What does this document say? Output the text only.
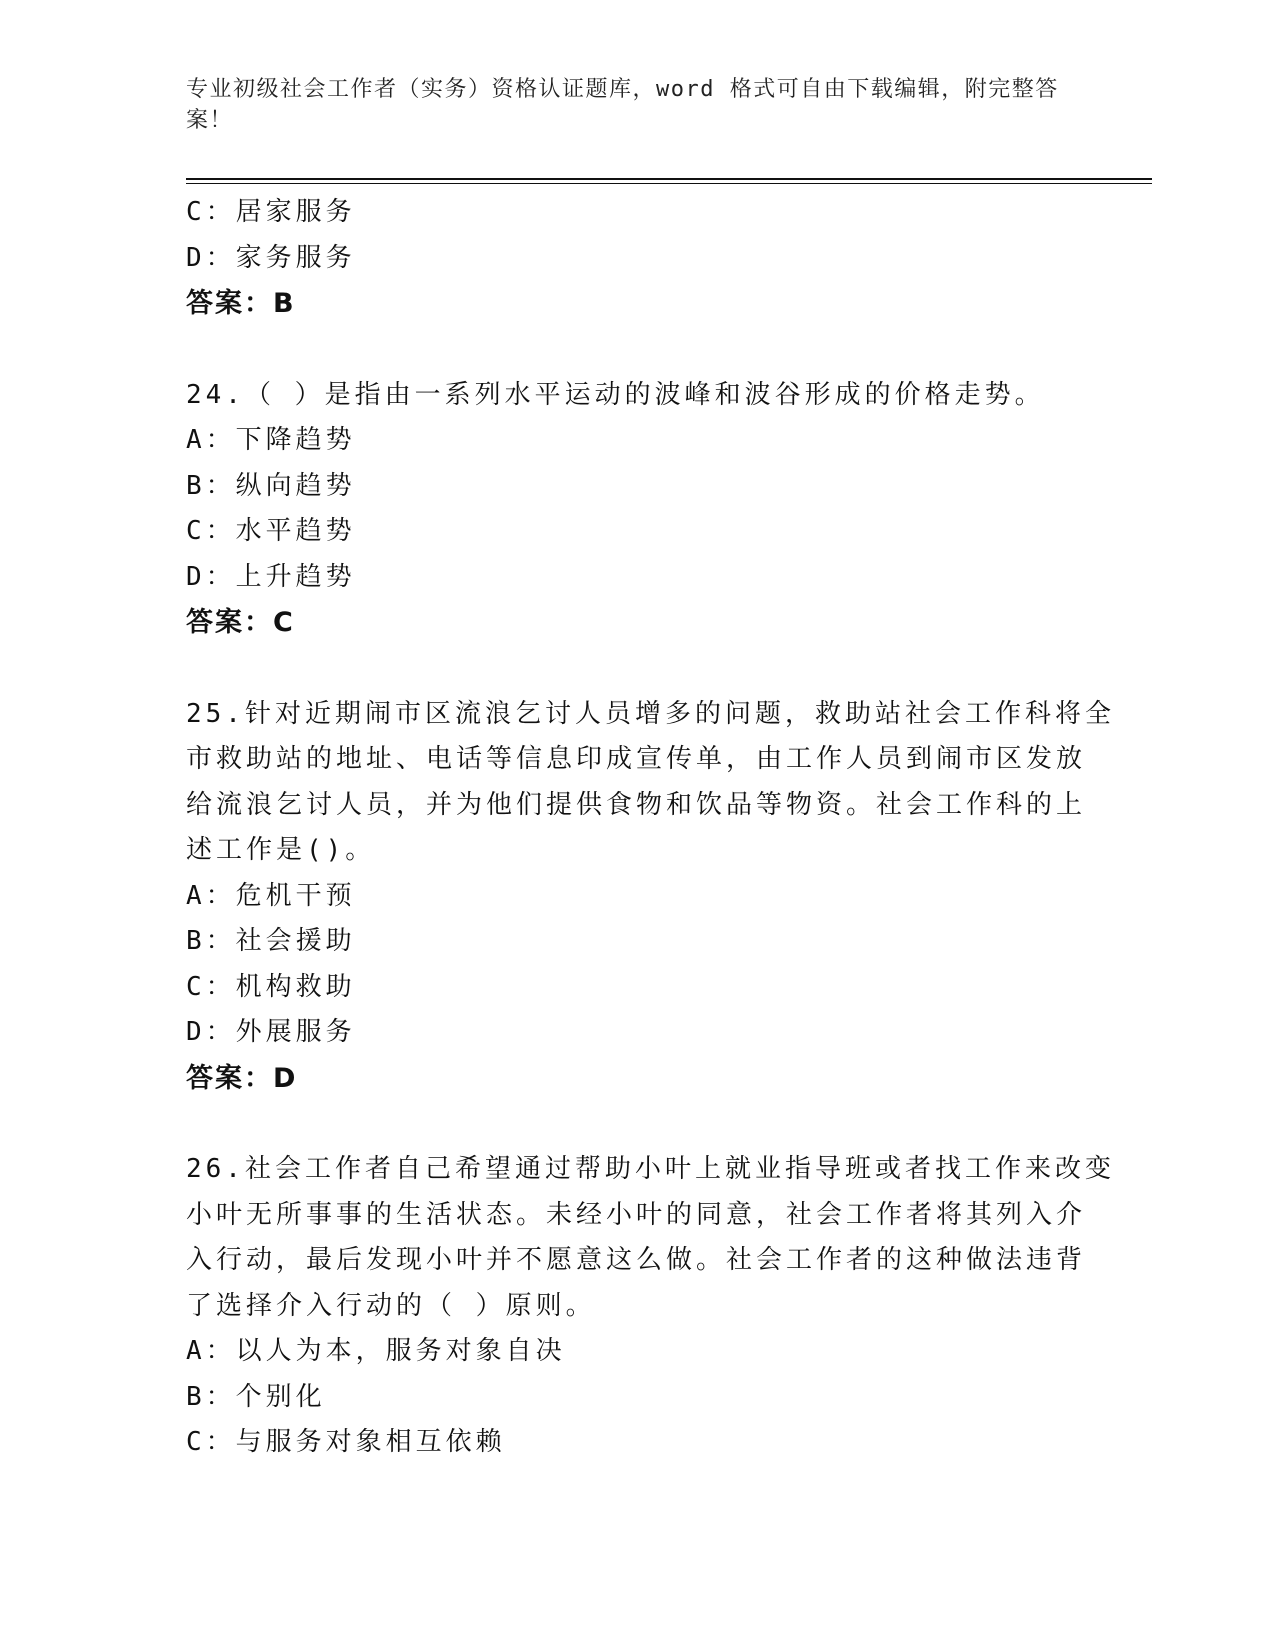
专业初级社会工作者（实务）资格认证题库，word 格式可自由下载编辑，附完整答案！
C：居家服务
D：家务服务
答案：B
24.（ ）是指由一系列水平运动的波峰和波谷形成的价格走势。
A：下降趋势
B：纵向趋势
C：水平趋势
D：上升趋势
答案：C
25.针对近期闹市区流浪乞讨人员增多的问题，救助站社会工作科将全
市救助站的地址、电话等信息印成宣传单，由工作人员到闹市区发放
给流浪乞讨人员，并为他们提供食物和饮品等物资。社会工作科的上
述工作是()。
A：危机干预
B：社会援助
C：机构救助
D：外展服务
答案：D
26.社会工作者自己希望通过帮助小叶上就业指导班或者找工作来改变
小叶无所事事的生活状态。未经小叶的同意，社会工作者将其列入介
入行动，最后发现小叶并不愿意这么做。社会工作者的这种做法违背
了选择介入行动的（ ）原则。
A：以人为本，服务对象自决
B：个别化
C：与服务对象相互依赖
